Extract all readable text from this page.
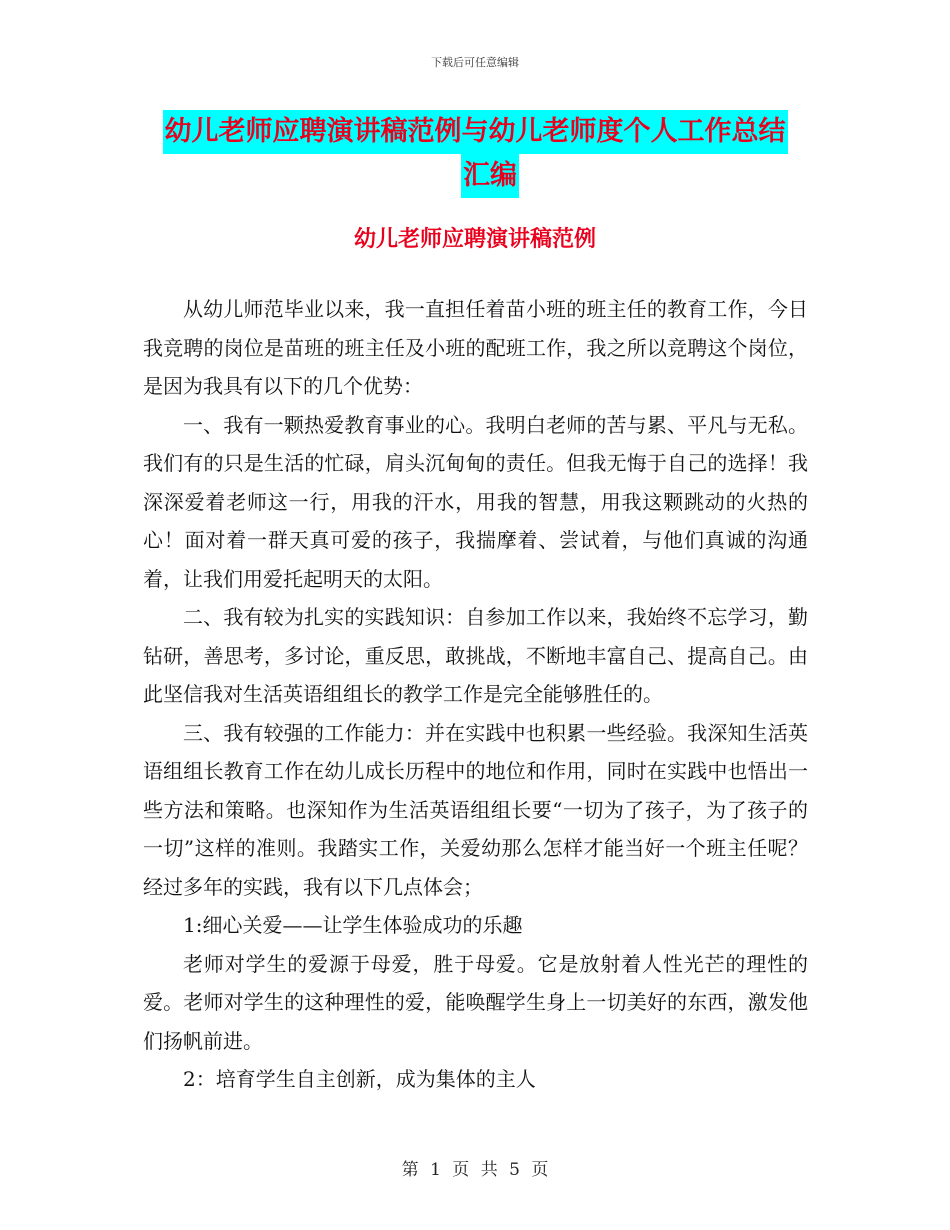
下载后可任意编辑
幼儿老师应聘演讲稿范例与幼儿老师度个人工作总结
汇编
幼儿老师应聘演讲稿范例

从幼儿师范毕业以来，我一直担任着苗小班的班主任的教育工作，今日我竞聘的岗位是苗班的班主任及小班的配班工作，我之所以竞聘这个岗位，是因为我具有以下的几个优势：

一、我有一颗热爱教育事业的心。我明白老师的苦与累、平凡与无私。我们有的只是生活的忙碌，肩头沉甸甸的责任。但我无悔于自己的选择！我深深爱着老师这一行，用我的汗水，用我的智慧，用我这颗跳动的火热的心！面对着一群天真可爱的孩子，我揣摩着、尝试着，与他们真诚的沟通着，让我们用爱托起明天的太阳。

二、我有较为扎实的实践知识：自参加工作以来，我始终不忘学习，勤钻研，善思考，多讨论，重反思，敢挑战，不断地丰富自己、提高自己。由此坚信我对生活英语组组长的教学工作是完全能够胜任的。

三、我有较强的工作能力：并在实践中也积累一些经验。我深知生活英语组组长教育工作在幼儿成长历程中的地位和作用，同时在实践中也悟出一些方法和策略。也深知作为生活英语组组长要“一切为了孩子，为了孩子的一切”这样的准则。我踏实工作，关爱幼那么怎样才能当好一个班主任呢？经过多年的实践，我有以下几点体会；

1:细心关爱——让学生体验成功的乐趣

老师对学生的爱源于母爱，胜于母爱。它是放射着人性光芒的理性的爱。老师对学生的这种理性的爱，能唤醒学生身上一切美好的东西，激发他们扬帆前进。

2：培育学生自主创新，成为集体的主人

第 1 页 共 5 页
